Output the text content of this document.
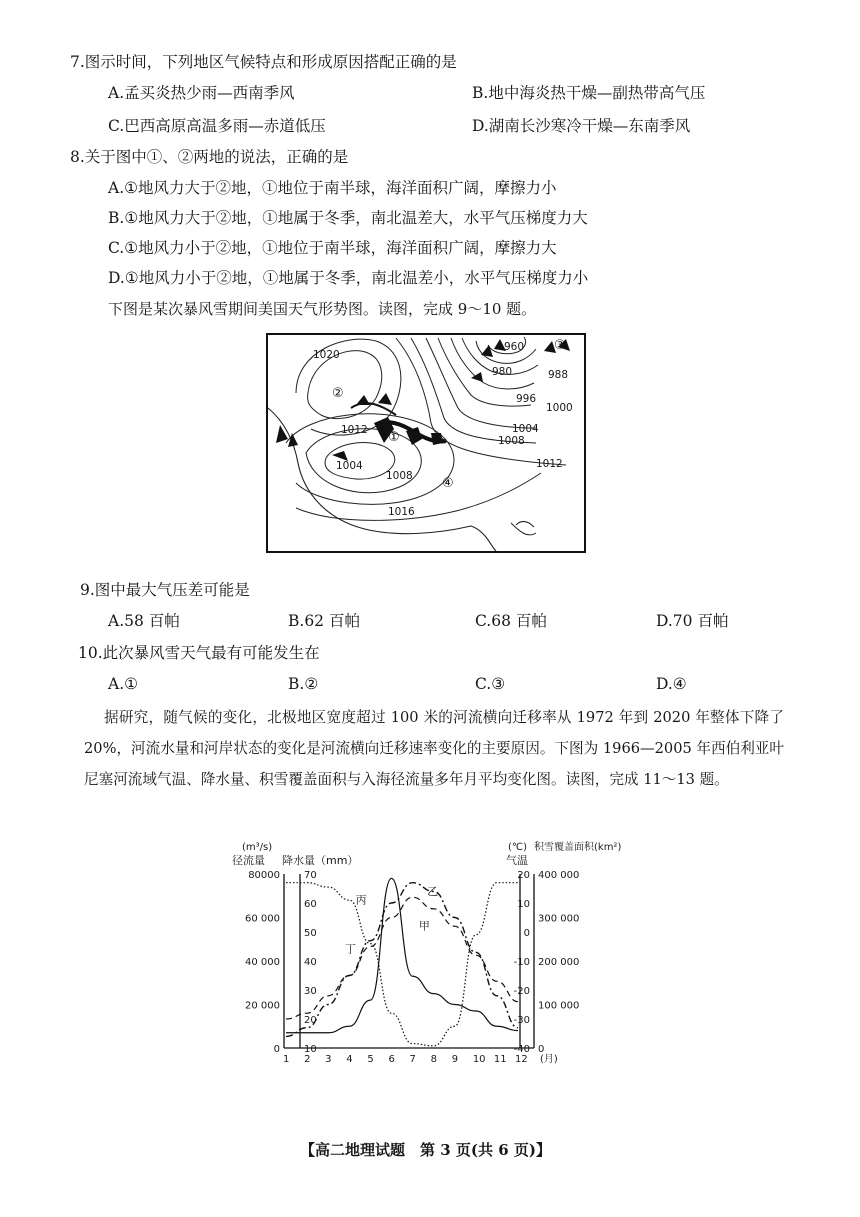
7.图示时间，下列地区气候特点和形成原因搭配正确的是
A.孟买炎热少雨—西南季风	B.地中海炎热干燥—副热带高气压
C.巴西高原高温多雨—赤道低压	D.湖南长沙寒冷干燥—东南季风
8.关于图中①、②两地的说法，正确的是
A.①地风力大于②地，①地位于南半球，海洋面积广阔，摩擦力小
B.①地风力大于②地，①地属于冬季，南北温差大，水平气压梯度力大
C.①地风力小于②地，①地位于南半球，海洋面积广阔，摩擦力大
D.①地风力小于②地，①地属于冬季，南北温差小，水平气压梯度力小
下图是某次暴风雪期间美国天气形势图。读图，完成 9～10 题。
1020
1012
1004
1008
1016
960
980	988
996
1000
1004
1008
1012
①
②
③
④
9.图中最大气压差可能是
A.58 百帕	B.62 百帕	C.68 百帕	D.70 百帕
10.此次暴风雪天气最有可能发生在
A.①	B.②	C.③	D.④
据研究，随气候的变化，北极地区宽度超过 100 米的河流横向迁移率从 1972 年到 2020 年整体下降了 20%，河流水量和河岸状态的变化是河流横向迁移速率变化的主要原因。下图为 1966—2005 年西伯利亚叶尼塞河流域气温、降水量、积雪覆盖面积与入海径流量多年月平均变化图。读图，完成 11～13 题。
(m³/s)
径流量 降水量（mm）
(℃)
气温
积雪覆盖面积(km²)
80000
60 000
40 000
20 000
0
70
60
50
40
30
20
10
20
10
0
-10
-20
-30
-40
400 000
300 000
200 000
100 000
0
1 2 3 4 5 6 7 8 9 10 11 12 (月)
甲
乙
丙
丁
【高二地理试题　第 3 页(共 6 页)】
